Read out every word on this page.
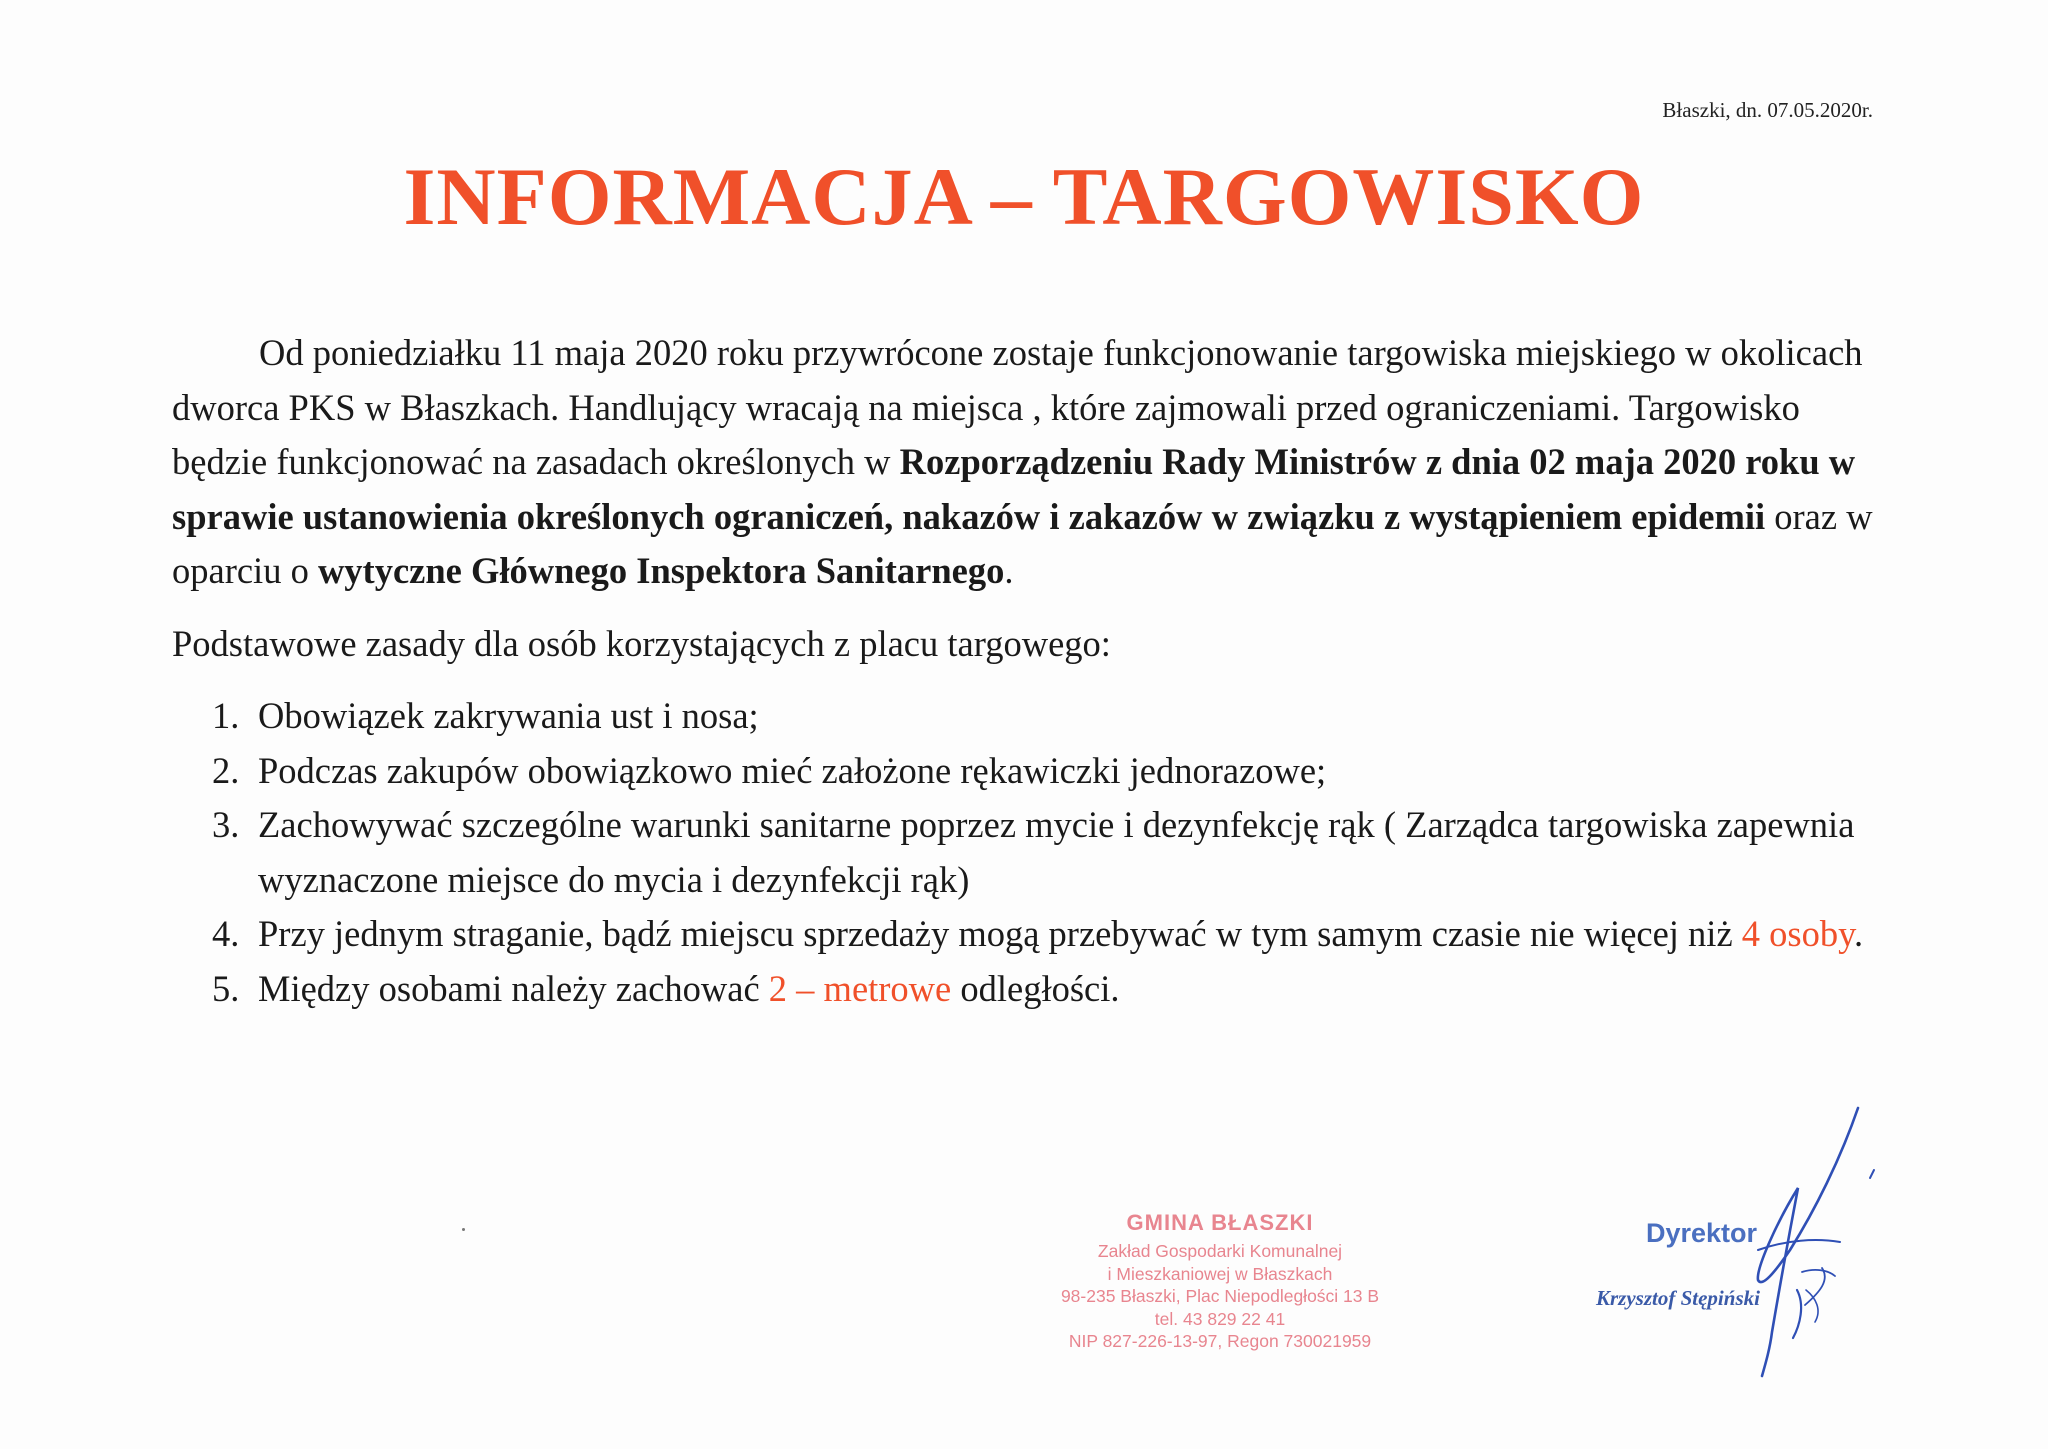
Błaszki, dn. 07.05.2020r.
INFORMACJA – TARGOWISKO

Od poniedziałku 11 maja 2020 roku przywrócone zostaje funkcjonowanie targowiska miejskiego w okolicach dworca PKS w Błaszkach. Handlujący wracają na miejsca , które zajmowali przed ograniczeniami. Targowisko będzie funkcjonować na zasadach określonych w Rozporządzeniu Rady Ministrów z dnia 02 maja 2020 roku w sprawie ustanowienia określonych ograniczeń, nakazów i zakazów w związku z wystąpieniem epidemii oraz w oparciu o wytyczne Głównego Inspektora Sanitarnego.

Podstawowe zasady dla osób korzystających z placu targowego:

1. Obowiązek zakrywania ust i nosa;
2. Podczas zakupów obowiązkowo mieć założone rękawiczki jednorazowe;
3. Zachowywać szczególne warunki sanitarne poprzez mycie i dezynfekcję rąk ( Zarządca targowiska zapewnia wyznaczone miejsce do mycia i dezynfekcji rąk)
4. Przy jednym straganie, bądź miejscu sprzedaży mogą przebywać w tym samym czasie nie więcej niż 4 osoby.
5. Między osobami należy zachować 2 – metrowe odległości.
GMINA BŁASZKI
Zakład Gospodarki Komunalnej
i Mieszkaniowej w Błaszkach
98-235 Błaszki, Plac Niepodległości 13 B
tel. 43 829 22 41
NIP 827-226-13-97, Regon 730021959
Dyrektor
Krzysztof Stępiński
